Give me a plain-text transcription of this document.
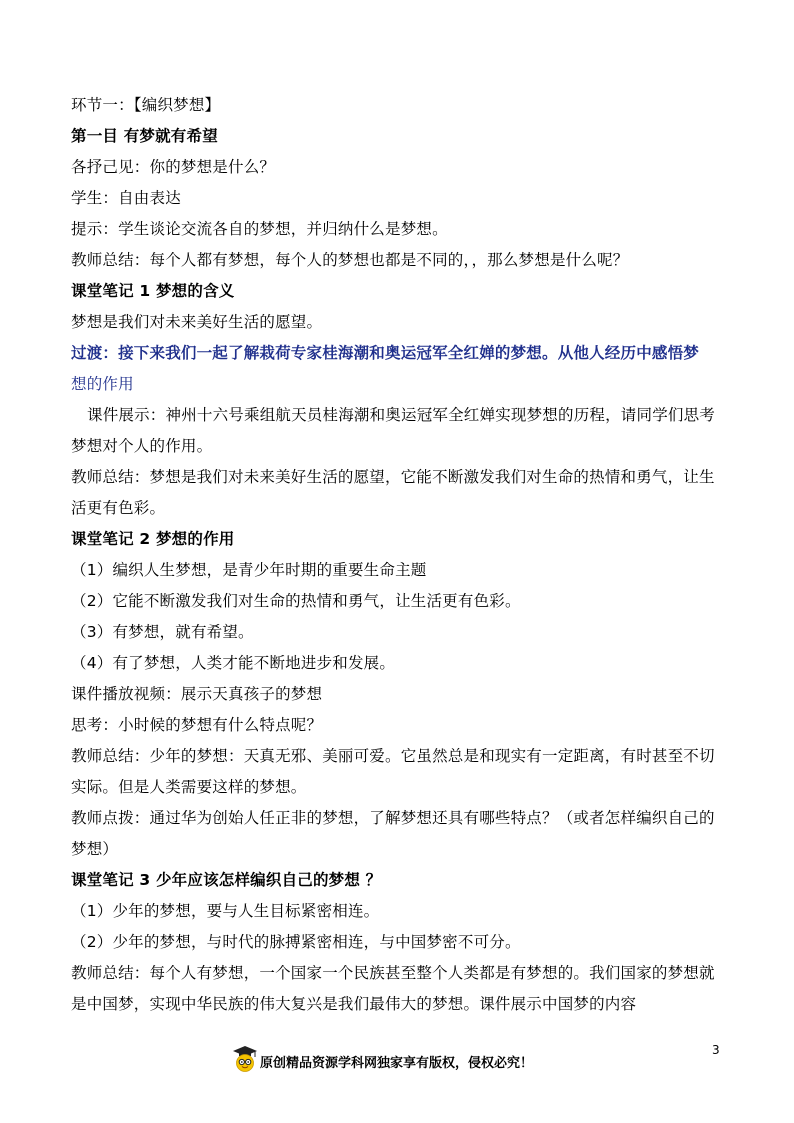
环节一：【编织梦想】
第一目 有梦就有希望
各抒己见：你的梦想是什么？
学生：自由表达
提示：学生谈论交流各自的梦想，并归纳什么是梦想。
教师总结：每个人都有梦想，每个人的梦想也都是不同的，，那么梦想是什么呢？
课堂笔记 1 梦想的含义
梦想是我们对未来美好生活的愿望。
过渡：接下来我们一起了解栽荷专家桂海潮和奥运冠军全红婵的梦想。从他人经历中感悟梦
想的作用
课件展示：神州十六号乘组航天员桂海潮和奥运冠军全红婵实现梦想的历程，请同学们思考
梦想对个人的作用。
教师总结：梦想是我们对未来美好生活的愿望，它能不断激发我们对生命的热情和勇气，让生
活更有色彩。
课堂笔记 2 梦想的作用
（1）编织人生梦想，是青少年时期的重要生命主题
（2）它能不断激发我们对生命的热情和勇气，让生活更有色彩。
（3）有梦想，就有希望。
（4）有了梦想，人类才能不断地进步和发展。
课件播放视频：展示天真孩子的梦想
思考：小时候的梦想有什么特点呢？
教师总结：少年的梦想：天真无邪、美丽可爱。它虽然总是和现实有一定距离，有时甚至不切
实际。但是人类需要这样的梦想。
教师点拨：通过华为创始人任正非的梦想，了解梦想还具有哪些特点？（或者怎样编织自己的
梦想）
课堂笔记 3 少年应该怎样编织自己的梦想 ？
（1）少年的梦想，要与人生目标紧密相连。
（2）少年的梦想，与时代的脉搏紧密相连，与中国梦密不可分。
教师总结：每个人有梦想，一个国家一个民族甚至整个人类都是有梦想的。我们国家的梦想就
是中国梦，实现中华民族的伟大复兴是我们最伟大的梦想。课件展示中国梦的内容
3
原创精品资源学科网独家享有版权，侵权必究！
